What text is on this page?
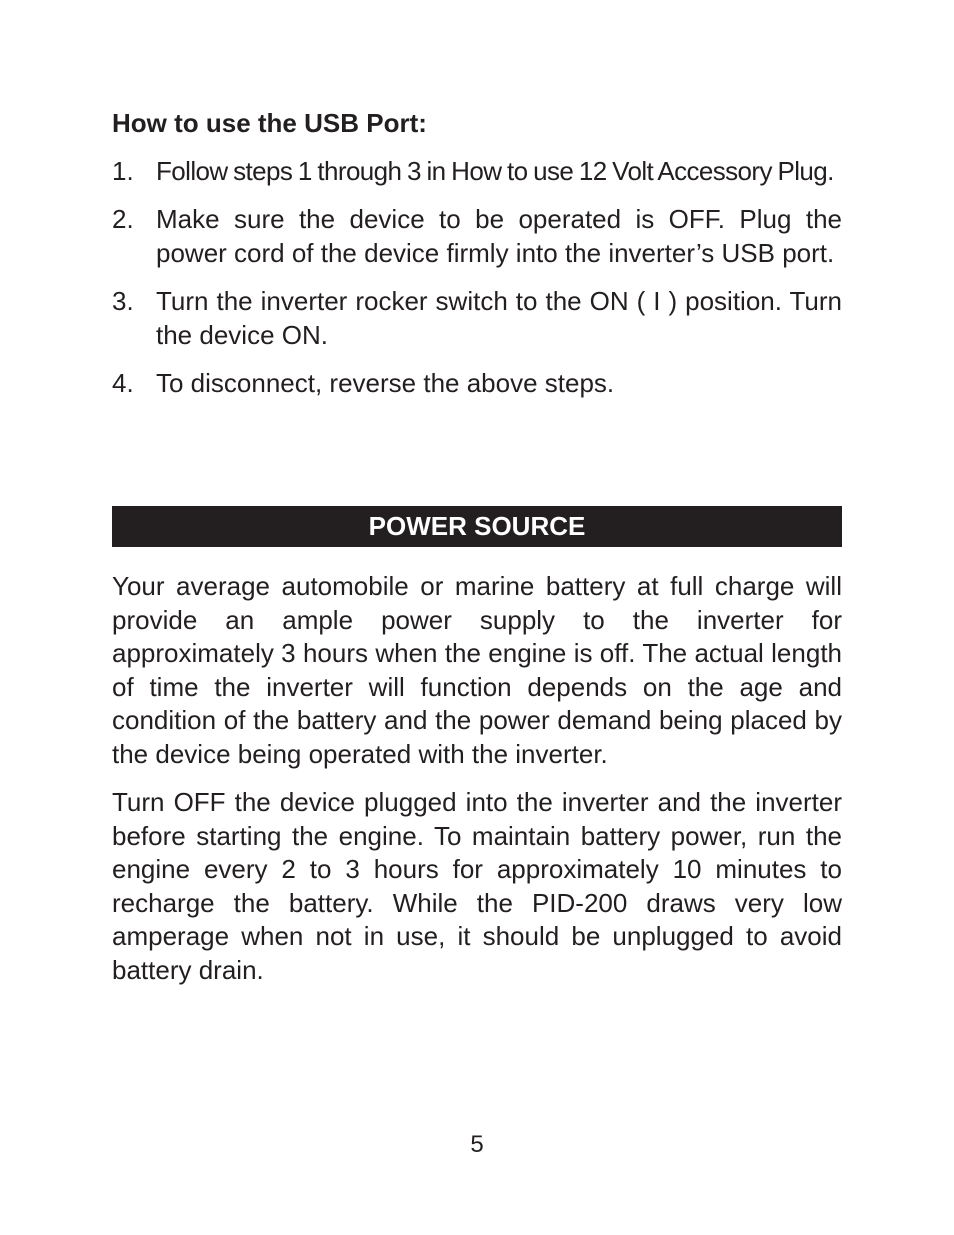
How to use the USB Port:
1. Follow steps 1 through 3 in How to use 12 Volt Accessory Plug.
2. Make sure the device to be operated is OFF. Plug the power cord of the device firmly into the inverter’s USB port.
3. Turn the inverter rocker switch to the ON ( I ) position. Turn the device ON.
4. To disconnect, reverse the above steps.
POWER SOURCE

Your average automobile or marine battery at full charge will provide an ample power supply to the inverter for approximately 3 hours when the engine is off. The actual length of time the inverter will function depends on the age and condition of the battery and the power demand being placed by the device being operated with the inverter.

Turn OFF the device plugged into the inverter and the inverter before starting the engine. To maintain battery power, run the engine every 2 to 3 hours for approximately 10 minutes to recharge the battery. While the PID-200 draws very low amperage when not in use, it should be unplugged to avoid battery drain.

5
